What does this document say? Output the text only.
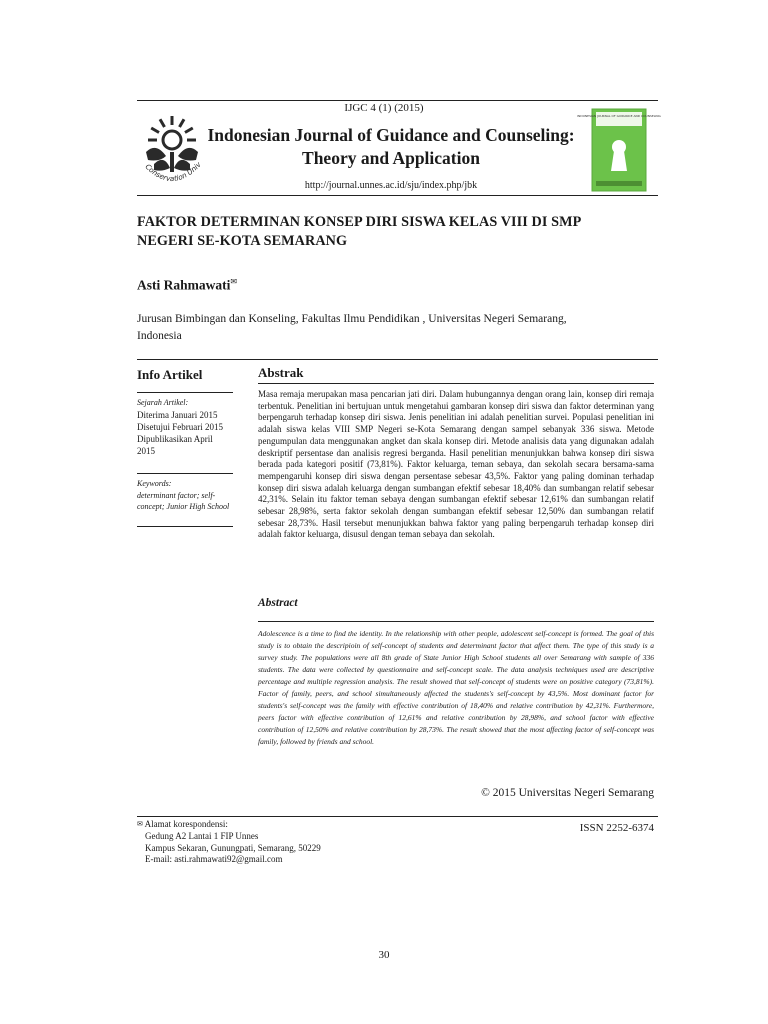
IJGC 4 (1) (2015)
Conservation Univ
Indonesian Journal of Guidance and Counseling:
Theory and Application
http://journal.unnes.ac.id/sju/index.php/jbk
INDONESIAN JOURNAL OF GUIDANCE AND COUNSELING
FAKTOR DETERMINAN KONSEP DIRI SISWA KELAS VIII DI SMP
NEGERI SE-KOTA SEMARANG
Asti Rahmawati✉
Jurusan Bimbingan dan Konseling, Fakultas Ilmu Pendidikan , Universitas Negeri Semarang,
Indonesia
Info Artikel	Abstrak
Sejarah Artikel:
Diterima Januari 2015
Disetujui Februari 2015
Dipublikasikan April
2015
Keywords:
determinant factor; self-
concept; Junior High School
Masa remaja merupakan masa pencarian jati diri. Dalam hubungannya dengan orang lain, konsep diri remaja terbentuk. Penelitian ini bertujuan untuk mengetahui gambaran konsep diri siswa dan faktor determinan yang berpengaruh terhadap konsep diri siswa. Jenis penelitian ini adalah penelitian survei. Populasi penelitian ini adalah siswa kelas VIII SMP Negeri se-Kota Semarang dengan sampel sebanyak 336 siswa. Metode pengumpulan data menggunakan angket dan skala konsep diri. Metode analisis data yang digunakan adalah deskriptif persentase dan analisis regresi berganda. Hasil penelitian menunjukkan bahwa konsep diri siswa berada pada kategori positif (73,81%). Faktor keluarga, teman sebaya, dan sekolah secara bersama-sama mempengaruhi konsep diri siswa dengan persentase sebesar 43,5%. Faktor yang paling dominan terhadap konsep diri siswa adalah keluarga dengan sumbangan efektif sebesar 18,40% dan sumbangan relatif sebesar 42,31%. Selain itu faktor teman sebaya dengan sumbangan efektif sebesar 12,61% dan sumbangan relatif sebesar 28,98%, serta faktor sekolah dengan sumbangan efektif sebesar 12,50% dan sumbangan relatif sebesar 28,73%. Hasil tersebut menunjukkan bahwa faktor yang paling berpengaruh terhadap konsep diri adalah faktor keluarga, disusul dengan teman sebaya dan sekolah.
Abstract
Adolescence is a time to find the identity. In the relationship with other people, adolescent self-concept is formed. The goal of this study is to obtain the descripioin of self-concept of students and determinant factor that affect them. The type of this study is a survey study. The populations were all 8th grade of State Junior High School students all over Semarang with sample of 336 students. The data were collected by questionnaire and self-concept scale. The data analysis techniques used are descriptive percentage and multiple regression analysis. The result showed that self-concept of students were on positive category (73,81%). Factor of family, peers, and school simultaneously affected the students's self-concept by 43,5%. Most dominant factor for students's self-concept was the family with effective contribution of 18,40% and relative contribution by 42,31%. Furthermore, peers factor with effective contribution of 12,61% and relative contribution by 28,98%, and school factor with effective contribution of 12,50% and relative contribution by 28,73%. The result showed that the most affecting factor of self-concept was family, followed by friends and school.
© 2015 Universitas Negeri Semarang
✉ Alamat korespondensi:
Gedung A2 Lantai 1 FIP Unnes
Kampus Sekaran, Gunungpati, Semarang, 50229
E-mail: asti.rahmawati92@gmail.com
ISSN 2252-6374
30
